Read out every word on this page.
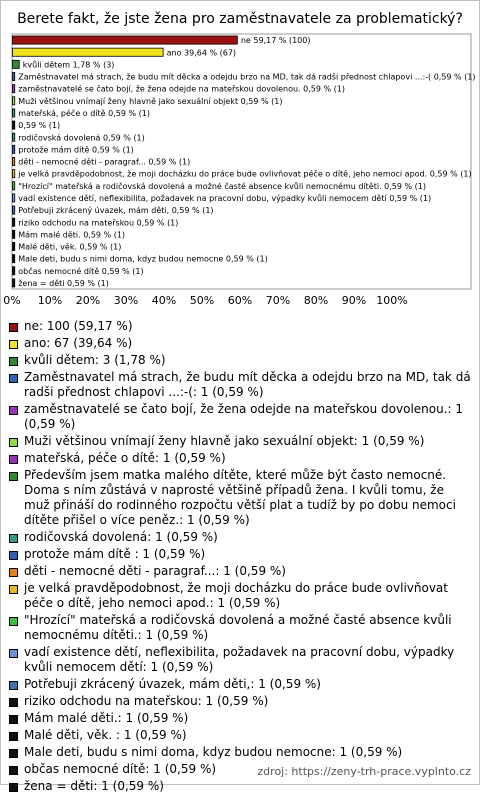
Berete fakt, že jste žena pro zaměstnavatele za problematický?
ne 59,17 % (100)
ano 39,64 % (67)
kvůli dětem 1,78 % (3)
Zaměstnavatel má strach, že budu mít děcka a odejdu brzo na MD, tak dá radši přednost chlapovi ...:-( 0,59 % (1)
zaměstnavatelé se čato bojí, že žena odejde na mateřskou dovolenou. 0,59 % (1)
Muži většinou vnímají ženy hlavně jako sexuální objekt 0,59 % (1)
mateřská, péče o dítě 0,59 % (1)
0,59 % (1)
rodičovská dovolená 0,59 % (1)
protože mám dítě 0,59 % (1)
děti - nemocné děti - paragraf... 0,59 % (1)
je velká pravděpodobnost, že moji docházku do práce bude ovlivňovat péče o dítě, jeho nemoci apod. 0,59 % (1)
"Hrozící" mateřská a rodičovská dovolená a možné časté absence kvůli nemocnému dítěti. 0,59 % (1)
vadí existence dětí, neflexibilita, požadavek na pracovní dobu, výpadky kvůli nemocem dětí 0,59 % (1)
Potřebuji zkrácený úvazek, mám děti, 0,59 % (1)
riziko odchodu na mateřskou 0,59 % (1)
Mám malé děti. 0,59 % (1)
Malé děti, věk. 0,59 % (1)
Male deti, budu s nimi doma, kdyz budou nemocne 0,59 % (1)
občas nemocné dítě 0,59 % (1)
žena = děti 0,59 % (1)
0% 10% 20% 30% 40% 50% 60% 70% 80% 90% 100%
ne: 100 (59,17 %)
ano: 67 (39,64 %)
kvůli dětem: 3 (1,78 %)
Zaměstnavatel má strach, že budu mít děcka a odejdu brzo na MD, tak dá radši přednost chlapovi ...:-(: 1 (0,59 %)
zaměstnavatelé se čato bojí, že žena odejde na mateřskou dovolenou.: 1 (0,59 %)
Muži většinou vnímají ženy hlavně jako sexuální objekt: 1 (0,59 %)
mateřská, péče o dítě: 1 (0,59 %)
Především jsem matka malého dítěte, které může být často nemocné. Doma s ním zůstává v naprosté většině případů žena. I kvůli tomu, že muž přináší do rodinného rozpočtu větší plat a tudíž by po dobu nemoci dítěte přišel o více peněz.: 1 (0,59 %)
rodičovská dovolená: 1 (0,59 %)
protože mám dítě : 1 (0,59 %)
děti - nemocné děti - paragraf...: 1 (0,59 %)
je velká pravděpodobnost, že moji docházku do práce bude ovlivňovat péče o dítě, jeho nemoci apod.: 1 (0,59 %)
"Hrozící" mateřská a rodičovská dovolená a možné časté absence kvůli nemocnému dítěti.: 1 (0,59 %)
vadí existence dětí, neflexibilita, požadavek na pracovní dobu, výpadky kvůli nemocem dětí: 1 (0,59 %)
Potřebuji zkrácený úvazek, mám děti,: 1 (0,59 %)
riziko odchodu na mateřskou: 1 (0,59 %)
Mám malé děti.: 1 (0,59 %)
Malé děti, věk. : 1 (0,59 %)
Male deti, budu s nimi doma, kdyz budou nemocne: 1 (0,59 %)
občas nemocné dítě: 1 (0,59 %)
žena = děti: 1 (0,59 %)
zdroj: https://zeny-trh-prace.vyplnto.cz
